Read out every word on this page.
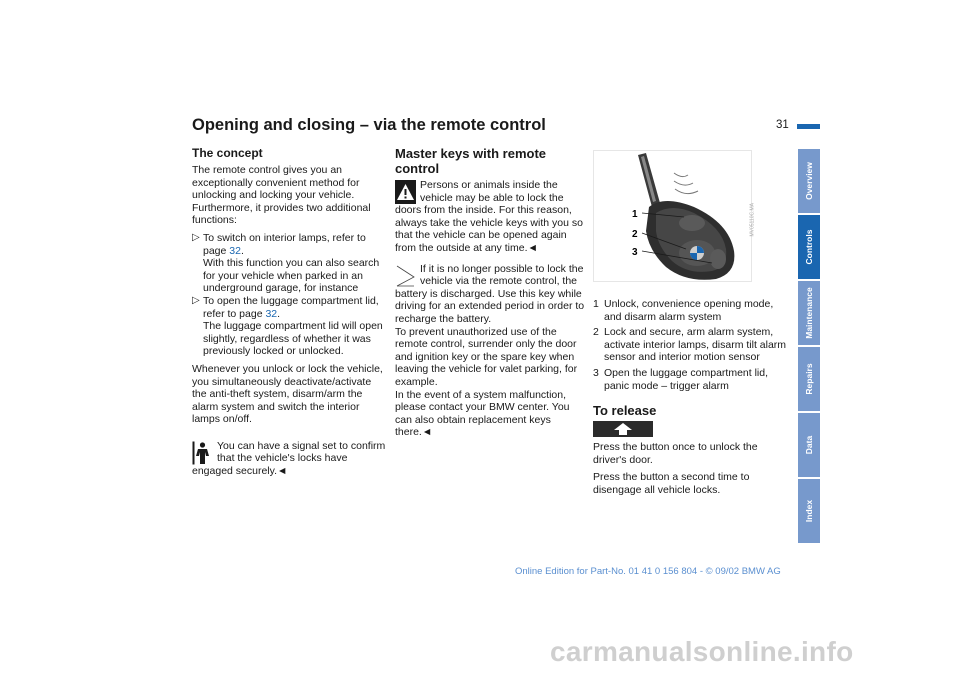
Opening and closing – via the remote control	31
The concept

The remote control gives you an exceptionally convenient method for unlocking and locking your vehicle. Furthermore, it provides two additional functions:

▷ To switch on interior lamps, refer to page 32.
With this function you can also search for your vehicle when parked in an underground garage, for instance
▷ To open the luggage compartment lid, refer to page 32.
The luggage compartment lid will open slightly, regardless of whether it was previously locked or unlocked.

Whenever you unlock or lock the vehicle, you simultaneously deactivate/activate the anti-theft system, disarm/arm the alarm system and switch the interior lamps on/off.

You can have a signal set to confirm that the vehicle's locks have engaged securely.◄

Master keys with remote control

Persons or animals inside the vehicle may be able to lock the doors from the inside. For this reason, always take the vehicle keys with you so that the vehicle can be opened again from the outside at any time.◄

If it is no longer possible to lock the vehicle via the remote control, the battery is discharged. Use this key while driving for an extended period in order to recharge the battery.

To prevent unauthorized use of the remote control, surrender only the door and ignition key or the spare key when leaving the vehicle for valet parking, for example.

In the event of a system malfunction, please contact your BMW center. You can also obtain replacement keys there.◄

1
2
3
MV05110C.MA
1 Unlock, convenience opening mode, and disarm alarm system
2 Lock and secure, arm alarm system, activate interior lamps, disarm tilt alarm sensor and interior motion sensor
3 Open the luggage compartment lid, panic mode – trigger alarm
To release

Press the button once to unlock the driver's door.

Press the button a second time to disengage all vehicle locks.

Overview
Controls
Maintenance
Repairs
Data
Index
Online Edition for Part-No. 01 41 0 156 804 - © 09/02 BMW AG
carmanualsonline.info
